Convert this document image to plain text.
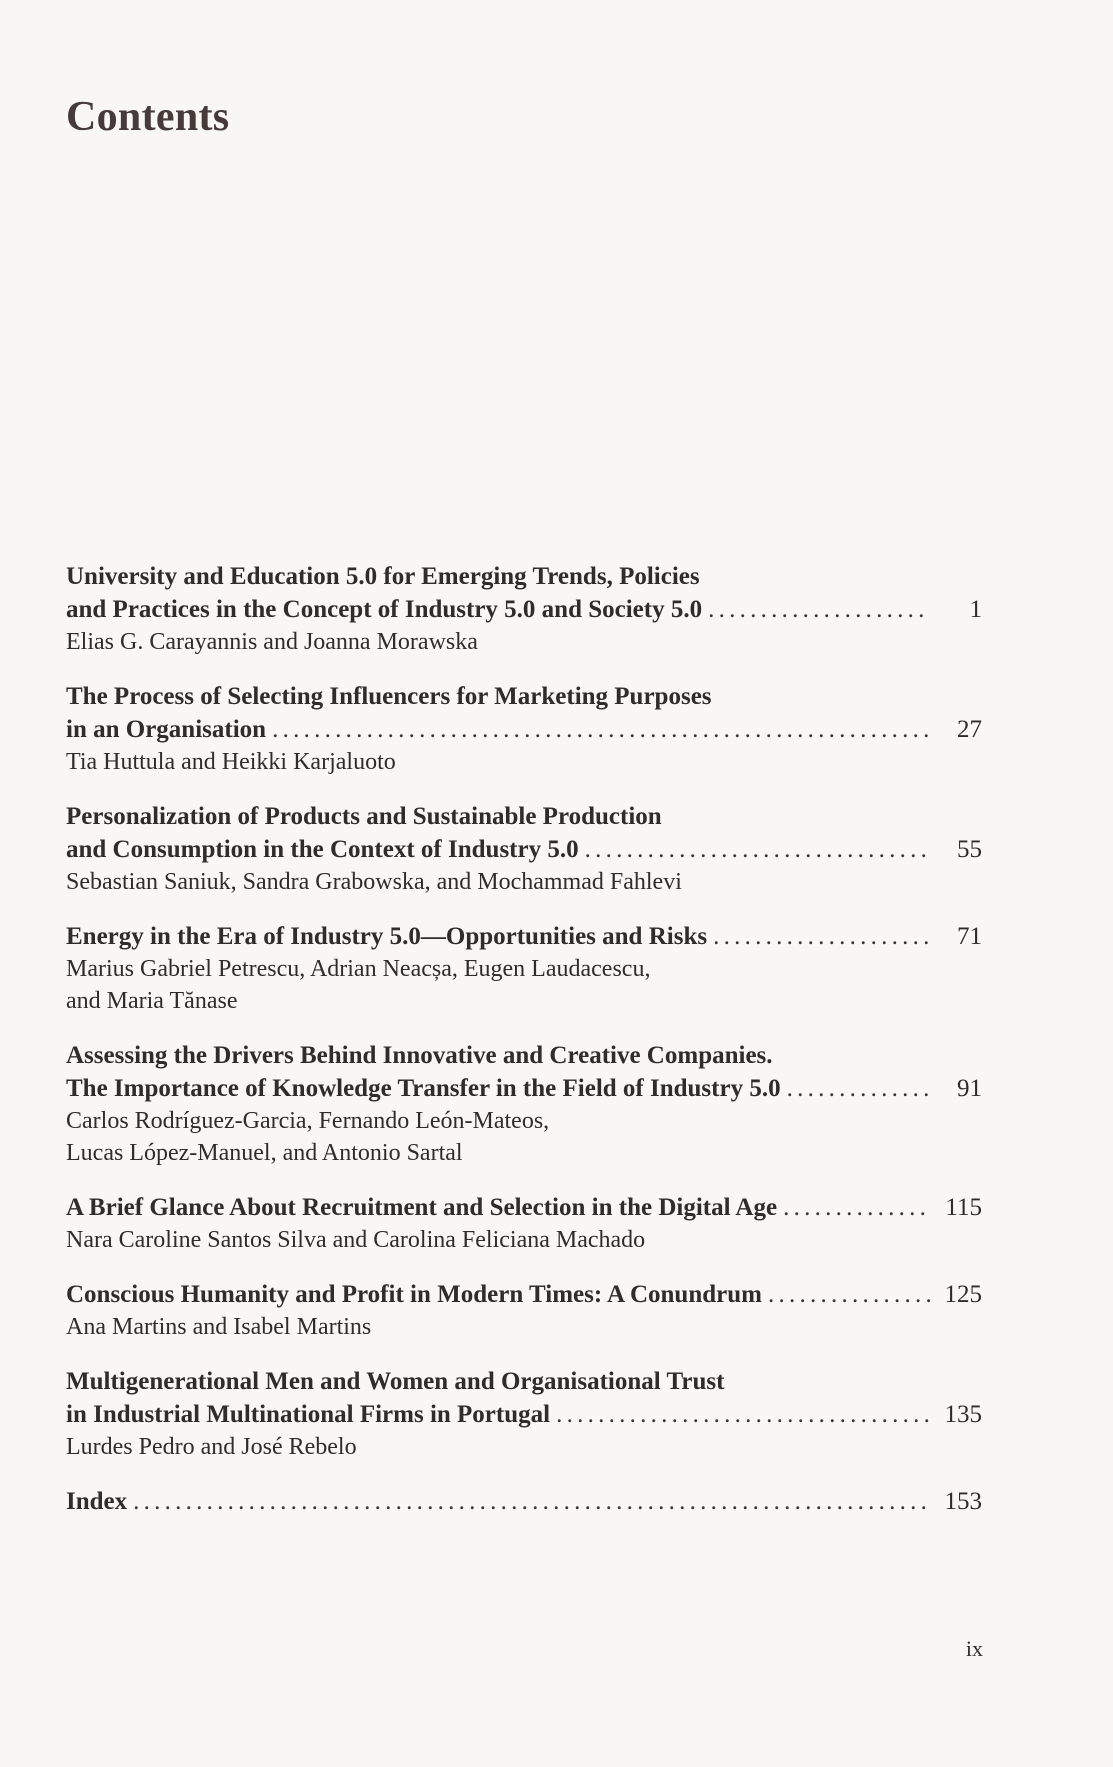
Contents
University and Education 5.0 for Emerging Trends, Policies
and Practices in the Concept of Industry 5.0 and Society 5.0 . . .	1
Elias G. Carayannis and Joanna Morawska
The Process of Selecting Influencers for Marketing Purposes
in an Organisation . . .	27
Tia Huttula and Heikki Karjaluoto
Personalization of Products and Sustainable Production
and Consumption in the Context of Industry 5.0 . . .	55
Sebastian Saniuk, Sandra Grabowska, and Mochammad Fahlevi
Energy in the Era of Industry 5.0—Opportunities and Risks . . .	71
Marius Gabriel Petrescu, Adrian Neacșa, Eugen Laudacescu,
and Maria Tănase
Assessing the Drivers Behind Innovative and Creative Companies.
The Importance of Knowledge Transfer in the Field of Industry 5.0 . . .	91
Carlos Rodríguez-Garcia, Fernando León-Mateos,
Lucas López-Manuel, and Antonio Sartal
A Brief Glance About Recruitment and Selection in the Digital Age . . .	115
Nara Caroline Santos Silva and Carolina Feliciana Machado
Conscious Humanity and Profit in Modern Times: A Conundrum . . .	125
Ana Martins and Isabel Martins
Multigenerational Men and Women and Organisational Trust
in Industrial Multinational Firms in Portugal . . .	135
Lurdes Pedro and José Rebelo
Index . . .	153
ix
